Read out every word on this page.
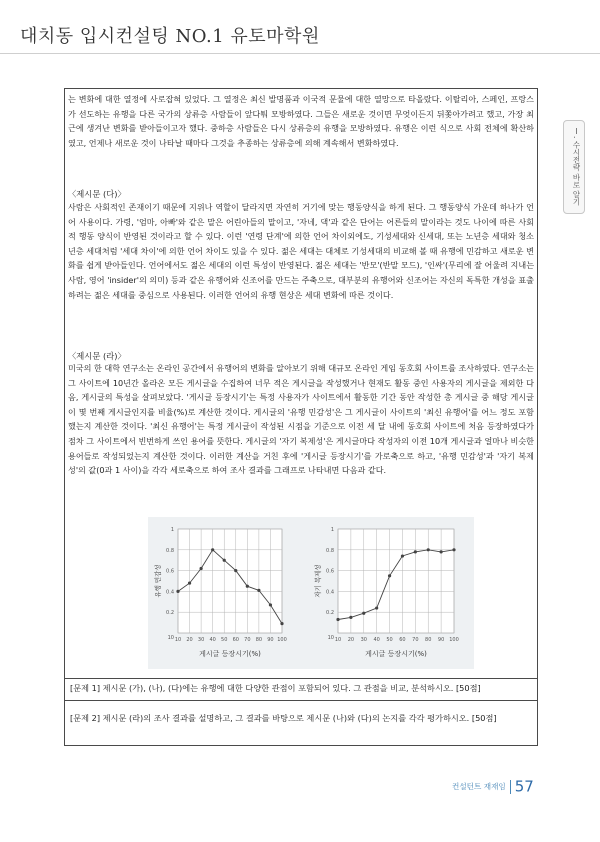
대치동 입시컨설팅 NO.1 유토마학원
Ⅰ. 수시전략 바로 알기
는 변화에 대한 열정에 사로잡혀 있었다. 그 열정은 최신 발명품과 이국적 문물에 대한 열망으로 타올랐다. 이탈리아, 스페인, 프랑스가 선도하는 유행을 다른 국가의 상류층 사람들이 앞다퉈 모방하였다. 그들은 새로운 것이면 무엇이든지 뒤쫓아가려고 했고, 가장 최근에 생겨난 변화를 받아들이고자 했다. 중하층 사람들은 다시 상류층의 유행을 모방하였다. 유행은 이런 식으로 사회 전체에 확산하였고, 언제나 새로운 것이 나타날 때마다 그것을 추종하는 상류층에 의해 계속해서 변화하였다.
〈제시문 (다)〉
사람은 사회적인 존재이기 때문에 지위나 역할이 달라지면 자연히 거기에 맞는 행동양식을 하게 된다. 그 행동양식 가운데 하나가 언어 사용이다. 가령, '엄마, 아빠'와 같은 말은 어린아들의 말이고, '자네, 댁'과 같은 단어는 어른들의 말이라는 것도 나이에 따른 사회적 행동 양식이 반영된 것이라고 할 수 있다. 이런 '연령 단계'에 의한 언어 차이외에도, 기성세대와 신세대, 또는 노년층 세대와 청소년층 세대처럼 '세대 차이'에 의한 언어 차이도 있을 수 있다. 젊은 세대는 대체로 기성세대의 비교해 볼 때 유행에 민감하고 새로운 변화를 쉽게 받아들인다. 언어에서도 젊은 세대의 이런 특성이 반영된다. 젊은 세대는 '반모'(반말 모드), '인싸'(무리에 잘 어울려 지내는 사람, 영어 'insider'의 의미) 등과 같은 유행어와 신조어를 만드는 주축으로, 대부분의 유행어와 신조어는 자신의 독특한 개성을 표출하려는 젊은 세대를 중심으로 사용된다. 이러한 언어의 유행 현상은 세대 변화에 따른 것이다.
〈제시문 (라)〉
미국의 한 대학 연구소는 온라인 공간에서 유행어의 변화를 알아보기 위해 대규모 온라인 게임 동호회 사이트를 조사하였다. 연구소는 그 사이트에 10년간 올라온 모든 게시글을 수집하여 너무 적은 게시글을 작성했거나 현재도 활동 중인 사용자의 게시글을 제외한 다음, 게시글의 특성을 살펴보았다. '게시글 등장시기'는 특정 사용자가 사이트에서 활동한 기간 동안 작성한 총 게시글 중 해당 게시글이 몇 번째 게시글인지를 비율(%)로 계산한 것이다. 게시글의 '유행 민감성'은 그 게시글이 사이트의 '최신 유행어'를 어느 정도 포함했는지 계산한 것이다. '최신 유행어'는 특정 게시글이 작성된 시점을 기준으로 이전 세 달 내에 동호회 사이트에 처음 등장하였다가 점차 그 사이트에서 빈번하게 쓰인 용어를 뜻한다. 게시글의 '자기 복제성'은 게시글마다 작성자의 이전 10개 게시글과 얼마나 비슷한 용어들로 작성되었는지 계산한 것이다. 이러한 계산을 거친 후에 '게시글 등장시기'를 가로축으로 하고, '유행 민감성'과 '자기 복제성'의 값(0과 1 사이)을 각각 세로축으로 하여 조사 결과를 그래프로 나타내면 다음과 같다.
10 20 30 40 50 60 70 80 90 100
0.2
0.4
0.6
0.8
1
10
유행 민감성
게시글 등장시기(%)
10 20 30 40 50 60 70 80 90 100
0.2
0.4
0.6
0.8
1
10
자기 복제성
게시글 등장시기(%)
[문제 1] 제시문 (가), (나), (다)에는 유행에 대한 다양한 관점이 포함되어 있다. 그 관점을 비교, 분석하시오. [50점]
[문제 2] 제시문 (라)의 조사 결과를 설명하고, 그 결과를 바탕으로 제시문 (나)와 (다)의 논지를 각각 평가하시오. [50점]
컨설턴트 재재임 57
